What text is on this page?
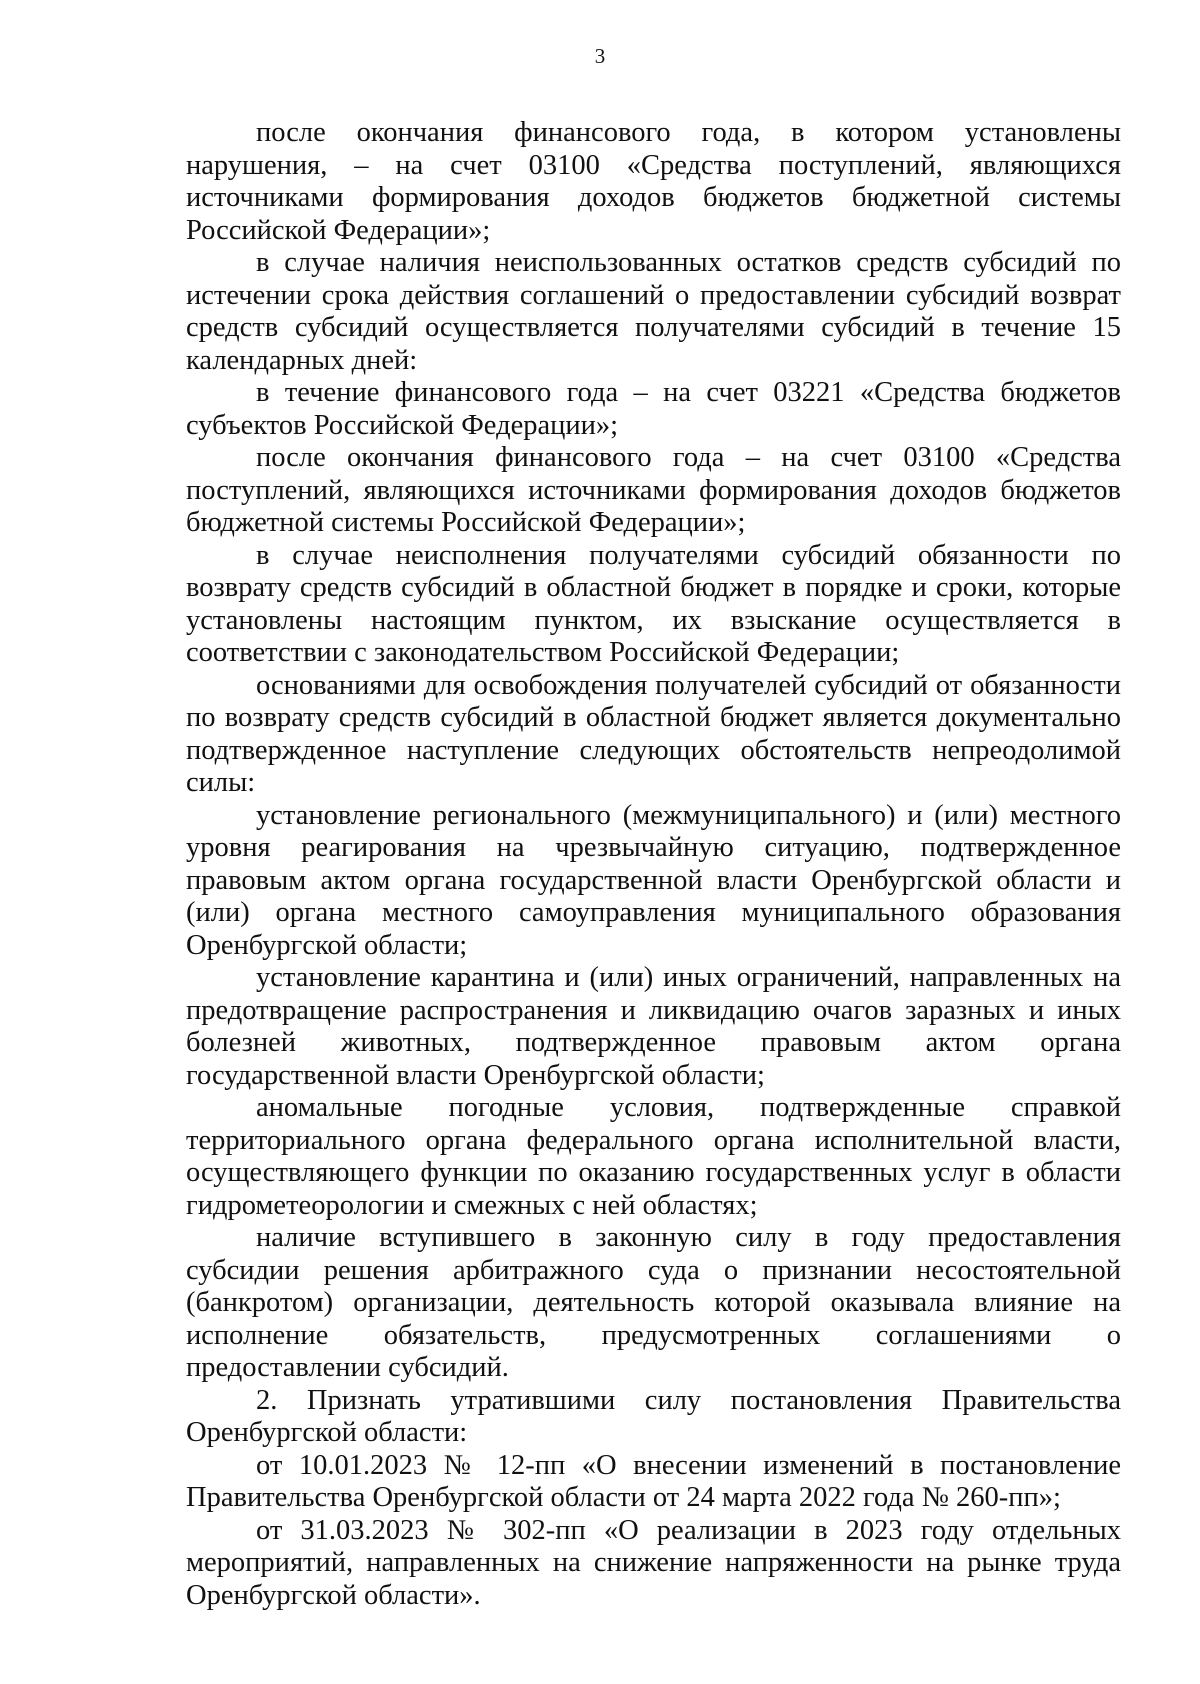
3

после окончания финансового года, в котором установлены нарушения, – на счет 03100 «Средства поступлений, являющихся источниками формирования доходов бюджетов бюджетной системы Российской Федерации»;

в случае наличия неиспользованных остатков средств субсидий по истечении срока действия соглашений о предоставлении субсидий возврат средств субсидий осуществляется получателями субсидий в течение 15 календарных дней:

в течение финансового года – на счет 03221 «Средства бюджетов субъектов Российской Федерации»;

после окончания финансового года – на счет 03100 «Средства поступлений, являющихся источниками формирования доходов бюджетов бюджетной системы Российской Федерации»;

в случае неисполнения получателями субсидий обязанности по возврату средств субсидий в областной бюджет в порядке и сроки, которые установлены настоящим пунктом, их взыскание осуществляется в соответствии с законодательством Российской Федерации;

основаниями для освобождения получателей субсидий от обязанности по возврату средств субсидий в областной бюджет является документально подтвержденное наступление следующих обстоятельств непреодолимой силы:

установление регионального (межмуниципального) и (или) местного уровня реагирования на чрезвычайную ситуацию, подтвержденное правовым актом органа государственной власти Оренбургской области и (или) органа местного самоуправления муниципального образования Оренбургской области;

установление карантина и (или) иных ограничений, направленных на предотвращение распространения и ликвидацию очагов заразных и иных болезней животных, подтвержденное правовым актом органа государственной власти Оренбургской области;

аномальные погодные условия, подтвержденные справкой территориального органа федерального органа исполнительной власти, осуществляющего функции по оказанию государственных услуг в области гидрометеорологии и смежных с ней областях;

наличие вступившего в законную силу в году предоставления субсидии решения арбитражного суда о признании несостоятельной (банкротом) организации, деятельность которой оказывала влияние на исполнение обязательств, предусмотренных соглашениями о предоставлении субсидий.

2. Признать утратившими силу постановления Правительства Оренбургской области:

от 10.01.2023 № 12-пп «О внесении изменений в постановление Правительства Оренбургской области от 24 марта 2022 года № 260-пп»;

от 31.03.2023 № 302-пп «О реализации в 2023 году отдельных мероприятий, направленных на снижение напряженности на рынке труда Оренбургской области».
